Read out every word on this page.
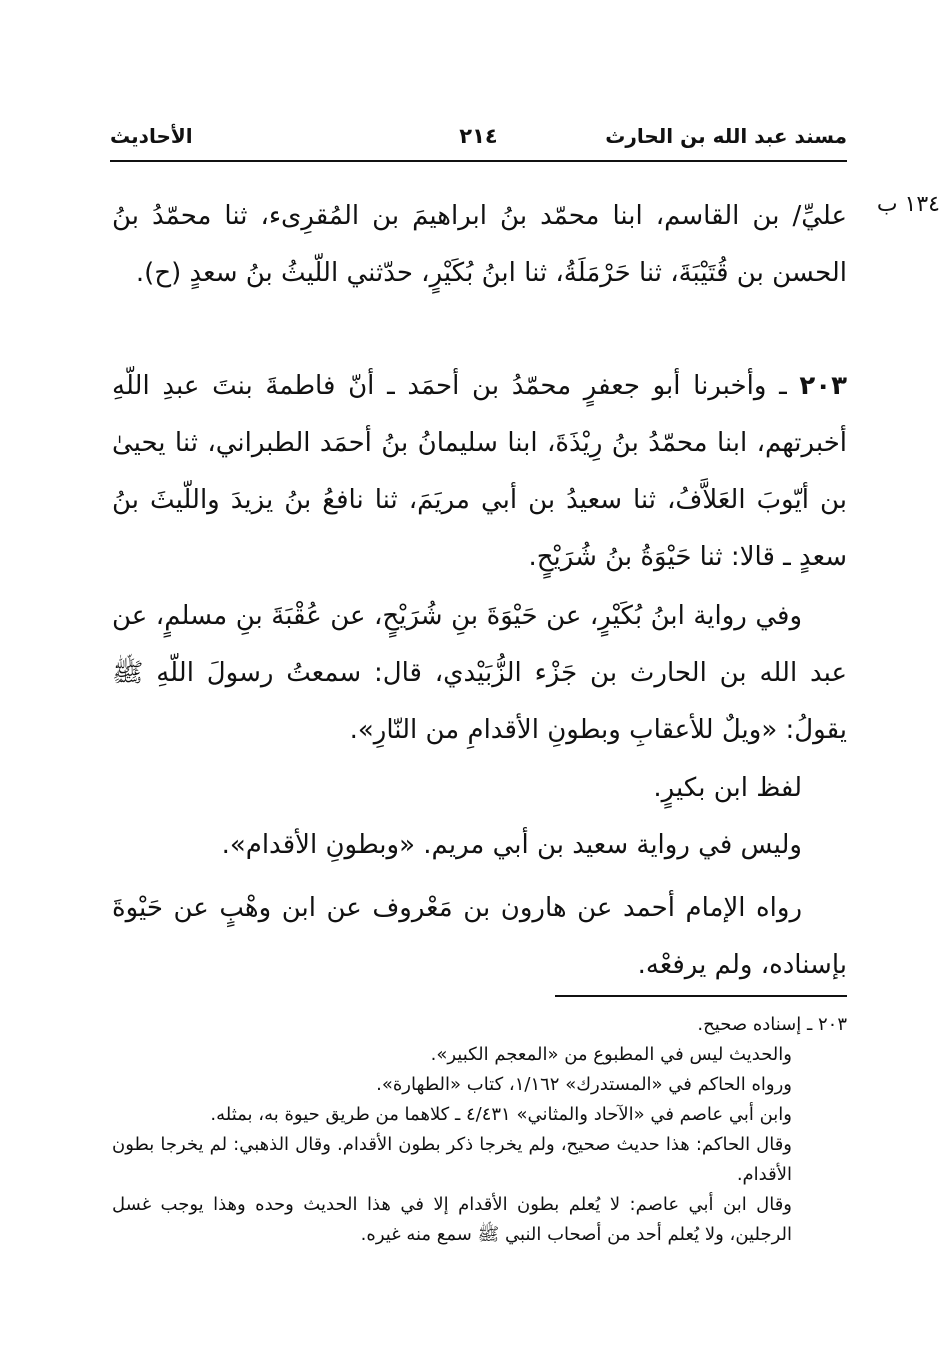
مسند عبد الله بن الحارث
٢١٤
الأحاديث
١٣٤ ب

عليِّ/ بن القاسم، ابنا محمّد بنُ ابراهيمَ بن المُقرِىء، ثنا محمّدُ بنُ الحسن بن قُتَيْبَةَ، ثنا حَرْمَلَةُ، ثنا ابنُ بُكَيْرٍ، حدّثني اللّيثُ بنُ سعدٍ (ح).

٢٠٣ ـ وأخبرنا أبو جعفرٍ محمّدُ بن أحمَد ـ أنّ فاطمةَ بنتَ عبدِ اللّهِ أخبرتهم، ابنا محمّدُ بنُ رِيْذَةَ، ابنا سليمانُ بنُ أحمَد الطبراني، ثنا يحيىٰ بن أيّوبَ العَلاَّفُ، ثنا سعيدُ بن أبي مريَمَ، ثنا نافعُ بنُ يزيدَ واللّيثَ بنُ سعدٍ ـ قالا: ثنا حَيْوَةُ بنُ شُرَيْحٍ.

وفي رواية ابنُ بُكَيْرٍ، عن حَيْوَةَ بنِ شُرَيْحٍ، عن عُقْبَةَ بنِ مسلمٍ، عن عبد الله بن الحارث بن جَزْء الزُّبَيْدي، قال: سمعتُ رسولَ اللّهِ ﷺ يقولُ: «ويلٌ للأعقابِ وبطونِ الأقدامِ من النّارِ».

لفظ ابن بكيرٍ.

وليس في رواية سعيد بن أبي مريم. «وبطونِ الأقدام».

رواه الإمام أحمد عن هارون بن مَعْروف عن ابن وهْبٍ عن حَيْوةَ بإسناده، ولم يرفعْه.

٢٠٣ ـ إسناده صحيح.

والحديث ليس في المطبوع من «المعجم الكبير».

ورواه الحاكم في «المستدرك» ١/١٦٢، كتاب «الطهارة».

وابن أبي عاصم في «الآحاد والمثاني» ٤/٤٣١ ـ كلاهما من طريق حيوة به، بمثله.

وقال الحاكم: هذا حديث صحيح، ولم يخرجا ذكر بطون الأقدام. وقال الذهبي: لم يخرجا بطون الأقدام.

وقال ابن أبي عاصم: لا يُعلم بطون الأقدام إلا في هذا الحديث وحده وهذا يوجب غسل الرجلين، ولا يُعلم أحد من أصحاب النبي ﷺ سمع منه غيره.
